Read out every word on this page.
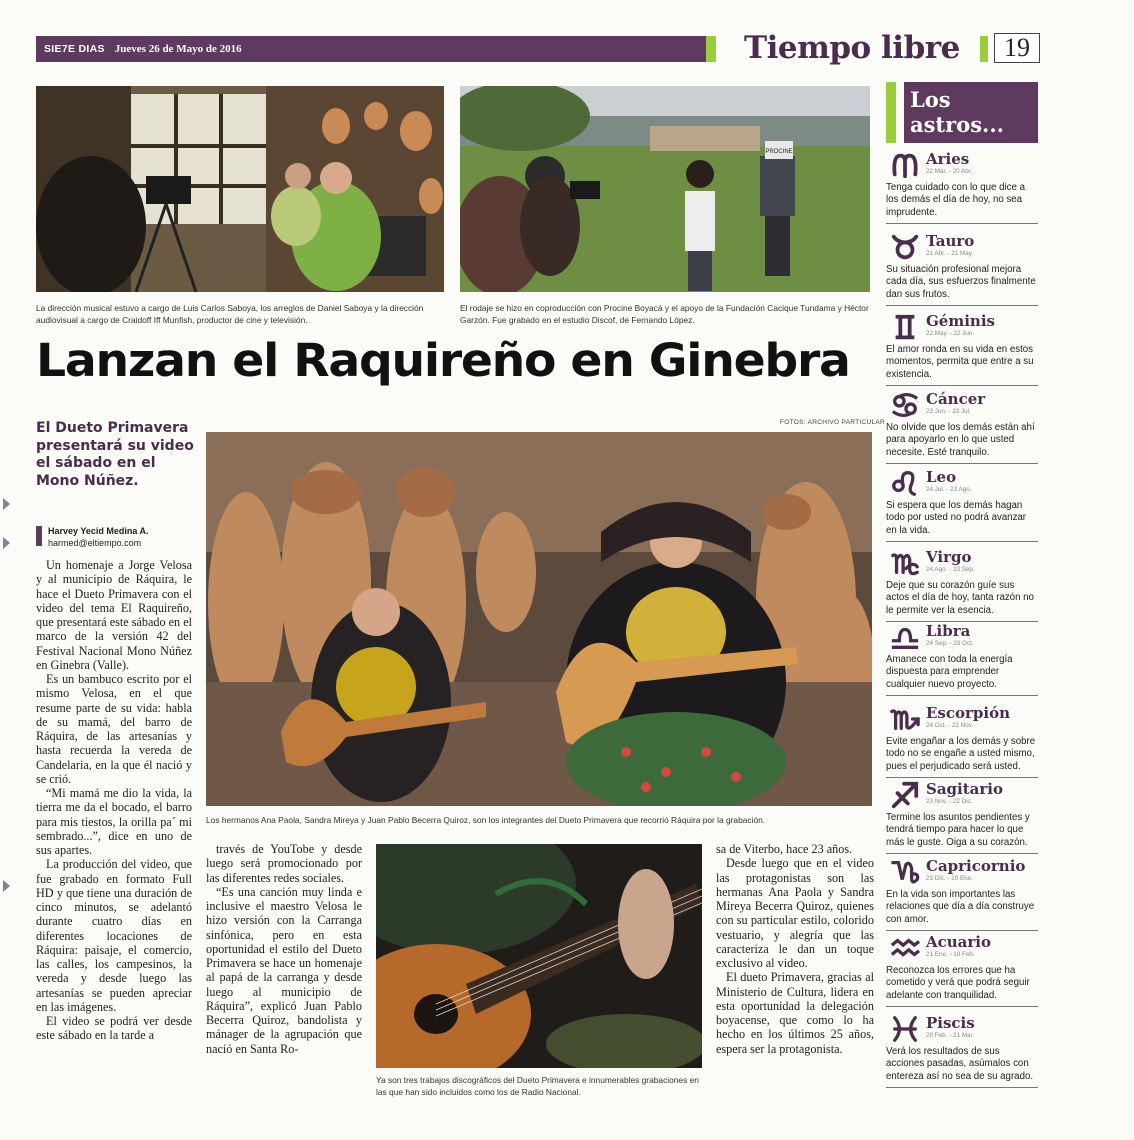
SIE7E DIAS Jueves 26 de Mayo de 2016	Tiempo libre	19
La dirección musical estuvo a cargo de Luis Carlos Saboya, los arreglos de Daniel Saboya y la dirección audiovisual a cargo de Craidoff Iff Munfish, productor de cine y televisión.
PROCINE
El rodaje se hizo en coproducción con Procine Boyacá y el apoyo de la Fundación Cacique Tundama y Héctor Garzón. Fue grabado en el estudio Discof, de Fernando López.
Lanzan el Raquireño en Ginebra
FOTOS: ARCHIVO PARTICULAR
El Dueto Primavera presentará su video el sábado en el Mono Núñez.
Harvey Yecid Medina A.
harmed@eltiempo.com
Los hermanos Ana Paola, Sandra Mireya y Juan Pablo Becerra Quiroz, son los integrantes del Dueto Primavera que recorrió Ráquira por la grabación.

Un homenaje a Jorge Velosa y al municipio de Ráquira, le hace el Dueto Primavera con el video del tema El Raquireño, que presentará este sábado en el marco de la versión 42 del Festival Nacional Mono Núñez en Ginebra (Valle).

Es un bambuco escrito por el mismo Velosa, en el que resume parte de su vida: habla de su mamá, del barro de Ráquira, de las artesanías y hasta recuerda la vereda de Candelaria, en la que él nació y se crió.

“Mi mamá me dio la vida, la tierra me da el bocado, el barro para mis tiestos, la orilla pa´ mi sembrado...”, dice en uno de sus apartes.

La producción del video, que fue grabado en formato Full HD y que tiene una duración de cinco minutos, se adelantó durante cuatro días en diferentes locaciones de Ráquira: paisaje, el comercio, las calles, los campesinos, la vereda y desde luego las artesanías se pueden apreciar en las imágenes.

El video se podrá ver desde este sábado en la tarde a

través de YouTobe y desde luego será promocionado por las diferentes redes sociales.

“Es una canción muy linda e inclusive el maestro Velosa le hizo versión con la Carranga sinfónica, pero en esta oportunidad el estilo del Dueto Primavera se hace un homenaje al papá de la carranga y desde luego al municipio de Ráquira”, explicó Juan Pablo Becerra Quiroz, bandolista y mánager de la agrupación que nació en Santa Ro-

Ya son tres trabajos discográficos del Dueto Primavera e innumerables grabaciones en las que han sido incluidos como los de Radio Nacional.

sa de Viterbo, hace 23 años.

Desde luego que en el video las protagonistas son las hermanas Ana Paola y Sandra Mireya Becerra Quiroz, quienes con su particular estilo, colorido vestuario, y alegría que las caracteriza le dan un toque exclusivo al video.

El dueto Primavera, gracias al Ministerio de Cultura, lidera en esta oportunidad la delegación boyacense, que como lo ha hecho en los últimos 25 años, espera ser la protagonista.

Los
astros...
Aries
22 Mar. - 20 Abr.
Tenga cuidado con lo que dice a los demás el día de hoy, no sea imprudente.
Tauro
21 Abr. - 21 May.
Su situación profesional mejora cada día, sus esfuerzos finalmente dan sus frutos.
Géminis
22 May. - 22 Jun.
El amor ronda en su vida en estos momentos, permita que entre a su existencia.
Cáncer
23 Jun. - 23 Jul.
No olvide que los demás están ahí para apoyarlo en lo que usted necesite. Esté tranquilo.
Leo
24 Jul. - 23 Ago.
Si espera que los demás hagan todo por usted no podrá avanzar en la vida.
Virgo
24 Ago. - 23 Sep.
Deje que su corazón guíe sus actos el día de hoy, tanta razón no le permite ver la esencia.
Libra
24 Sep. - 23 Oct.
Amanece con toda la energía dispuesta para emprender cualquier nuevo proyecto.
Escorpión
24 Oct. - 22 Nov.
Evite engañar a los demás y sobre todo no se engañe a usted mismo, pues el perjudicado será usted.
Sagitario
23 Nov. - 22 Dic.
Termine los asuntos pendientes y tendrá tiempo para hacer lo que más le guste. Oiga a su corazón.
Capricornio
23 Dic. - 20 Ene.
En la vida son importantes las relaciones que día a día construye con amor.
Acuario
21 Ene. - 19 Feb.
Reconozca los errores que ha cometido y verá que podrá seguir adelante con tranquilidad.
Piscis
20 Feb. - 21 Mar.
Verá los resultados de sus acciones pasadas, asúmalos con entereza así no sea de su agrado.
